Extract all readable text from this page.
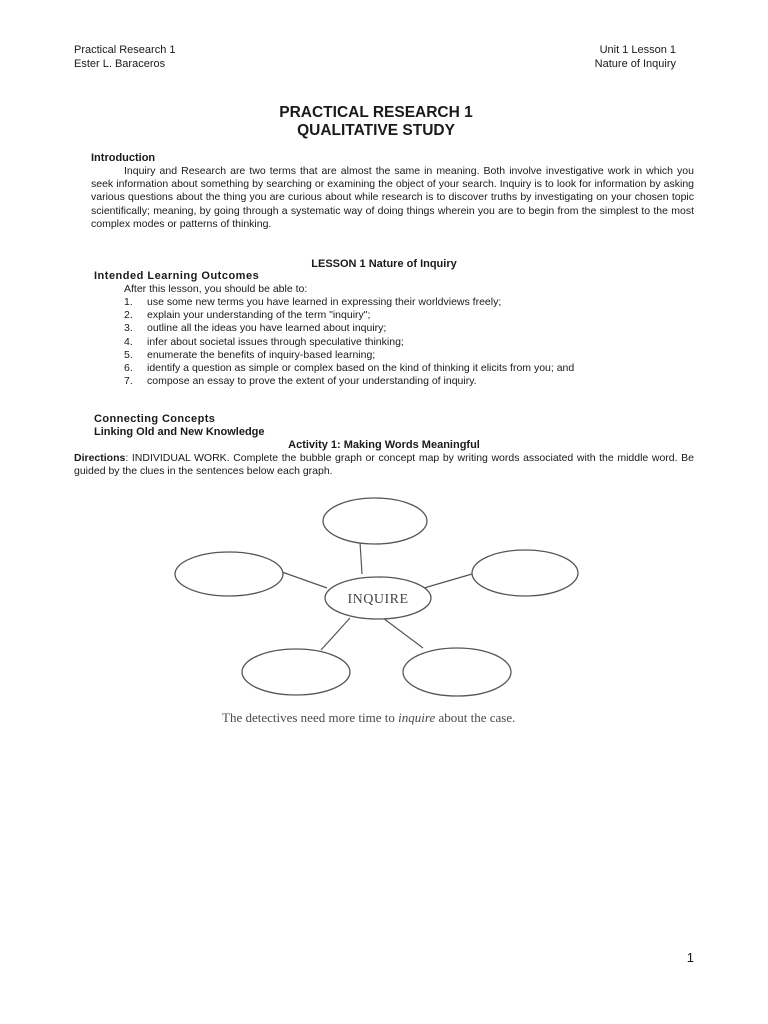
Practical Research 1
Ester L. Baraceros
Unit 1 Lesson 1
Nature of Inquiry
PRACTICAL RESEARCH 1
QUALITATIVE STUDY
Introduction
Inquiry and Research are two terms that are almost the same in meaning. Both involve investigative work in which you seek information about something by searching or examining the object of your search. Inquiry is to look for information by asking various questions about the thing you are curious about while research is to discover truths by investigating on your chosen topic scientifically; meaning, by going through a systematic way of doing things wherein you are to begin from the simplest to the most complex modes or patterns of thinking.
LESSON 1 Nature of Inquiry
Intended Learning Outcomes
After this lesson, you should be able to:
1.	use some new terms you have learned in expressing their worldviews freely;
2.	explain your understanding of the term "inquiry";
3.	outline all the ideas you have learned about inquiry;
4.	infer about societal issues through speculative thinking;
5.	enumerate the benefits of inquiry-based learning;
6.	identify a question as simple or complex based on the kind of thinking it elicits from you; and
7.	compose an essay to prove the extent of your understanding of inquiry.
Connecting Concepts
Linking Old and New Knowledge
Activity 1: Making Words Meaningful
Directions: INDIVIDUAL WORK. Complete the bubble graph or concept map by writing words associated with the middle word. Be guided by the clues in the sentences below each graph.
INQUIRE
The detectives need more time to inquire about the case.
1
